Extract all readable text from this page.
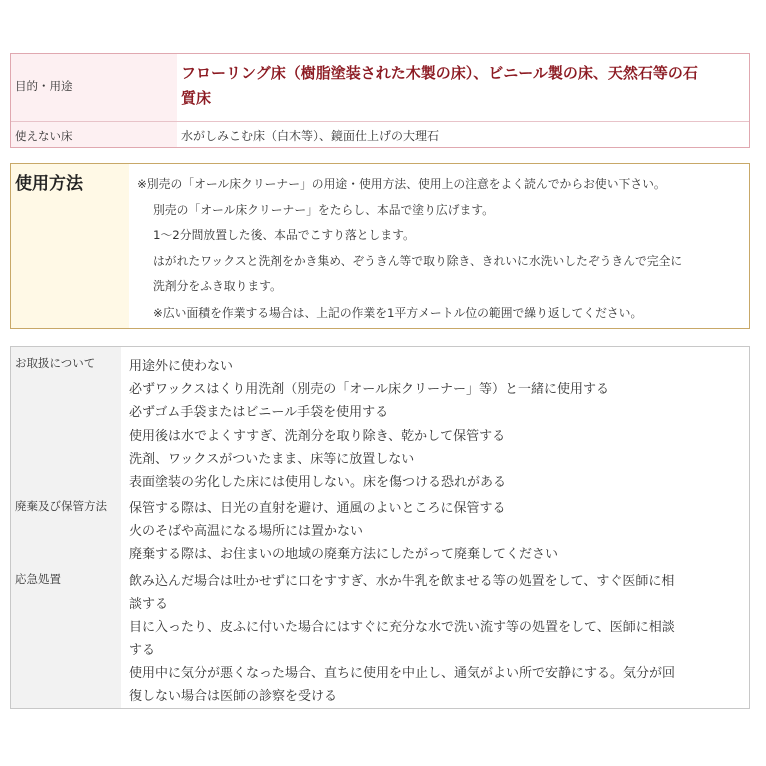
目的・用途
フローリング床（樹脂塗装された木製の床）、ビニール製の床、天然石等の石
質床
使えない床	水がしみこむ床（白木等）、鏡面仕上げの大理石
使用方法	※別売の「オール床クリーナー」の用途・使用方法、使用上の注意をよく読んでからお使い下さい。
別売の「オール床クリーナー」をたらし、本品で塗り広げます。
1～2分間放置した後、本品でこすり落とします。
はがれたワックスと洗剤をかき集め、ぞうきん等で取り除き、きれいに水洗いしたぞうきんで完全に
洗剤分をふき取ります。
※広い面積を作業する場合は、上記の作業を1平方メートル位の範囲で繰り返してください。
用途外に使わない
必ずワックスはくり用洗剤（別売の「オール床クリーナー」等）と一緒に使用する
必ずゴム手袋またはビニール手袋を使用する
使用後は水でよくすすぎ、洗剤分を取り除き、乾かして保管する
洗剤、ワックスがついたまま、床等に放置しない
表面塗装の劣化した床には使用しない。床を傷つける恐れがある
保管する際は、日光の直射を避け、通風のよいところに保管する
火のそばや高温になる場所には置かない
廃棄する際は、お住まいの地域の廃棄方法にしたがって廃棄してください
飲み込んだ場合は吐かせずに口をすすぎ、水か牛乳を飲ませる等の処置をして、すぐ医師に相
談する
目に入ったり、皮ふに付いた場合にはすぐに充分な水で洗い流す等の処置をして、医師に相談
する
使用中に気分が悪くなった場合、直ちに使用を中止し、通気がよい所で安静にする。気分が回
復しない場合は医師の診察を受ける
お取扱について
廃棄及び保管方法
応急処置
